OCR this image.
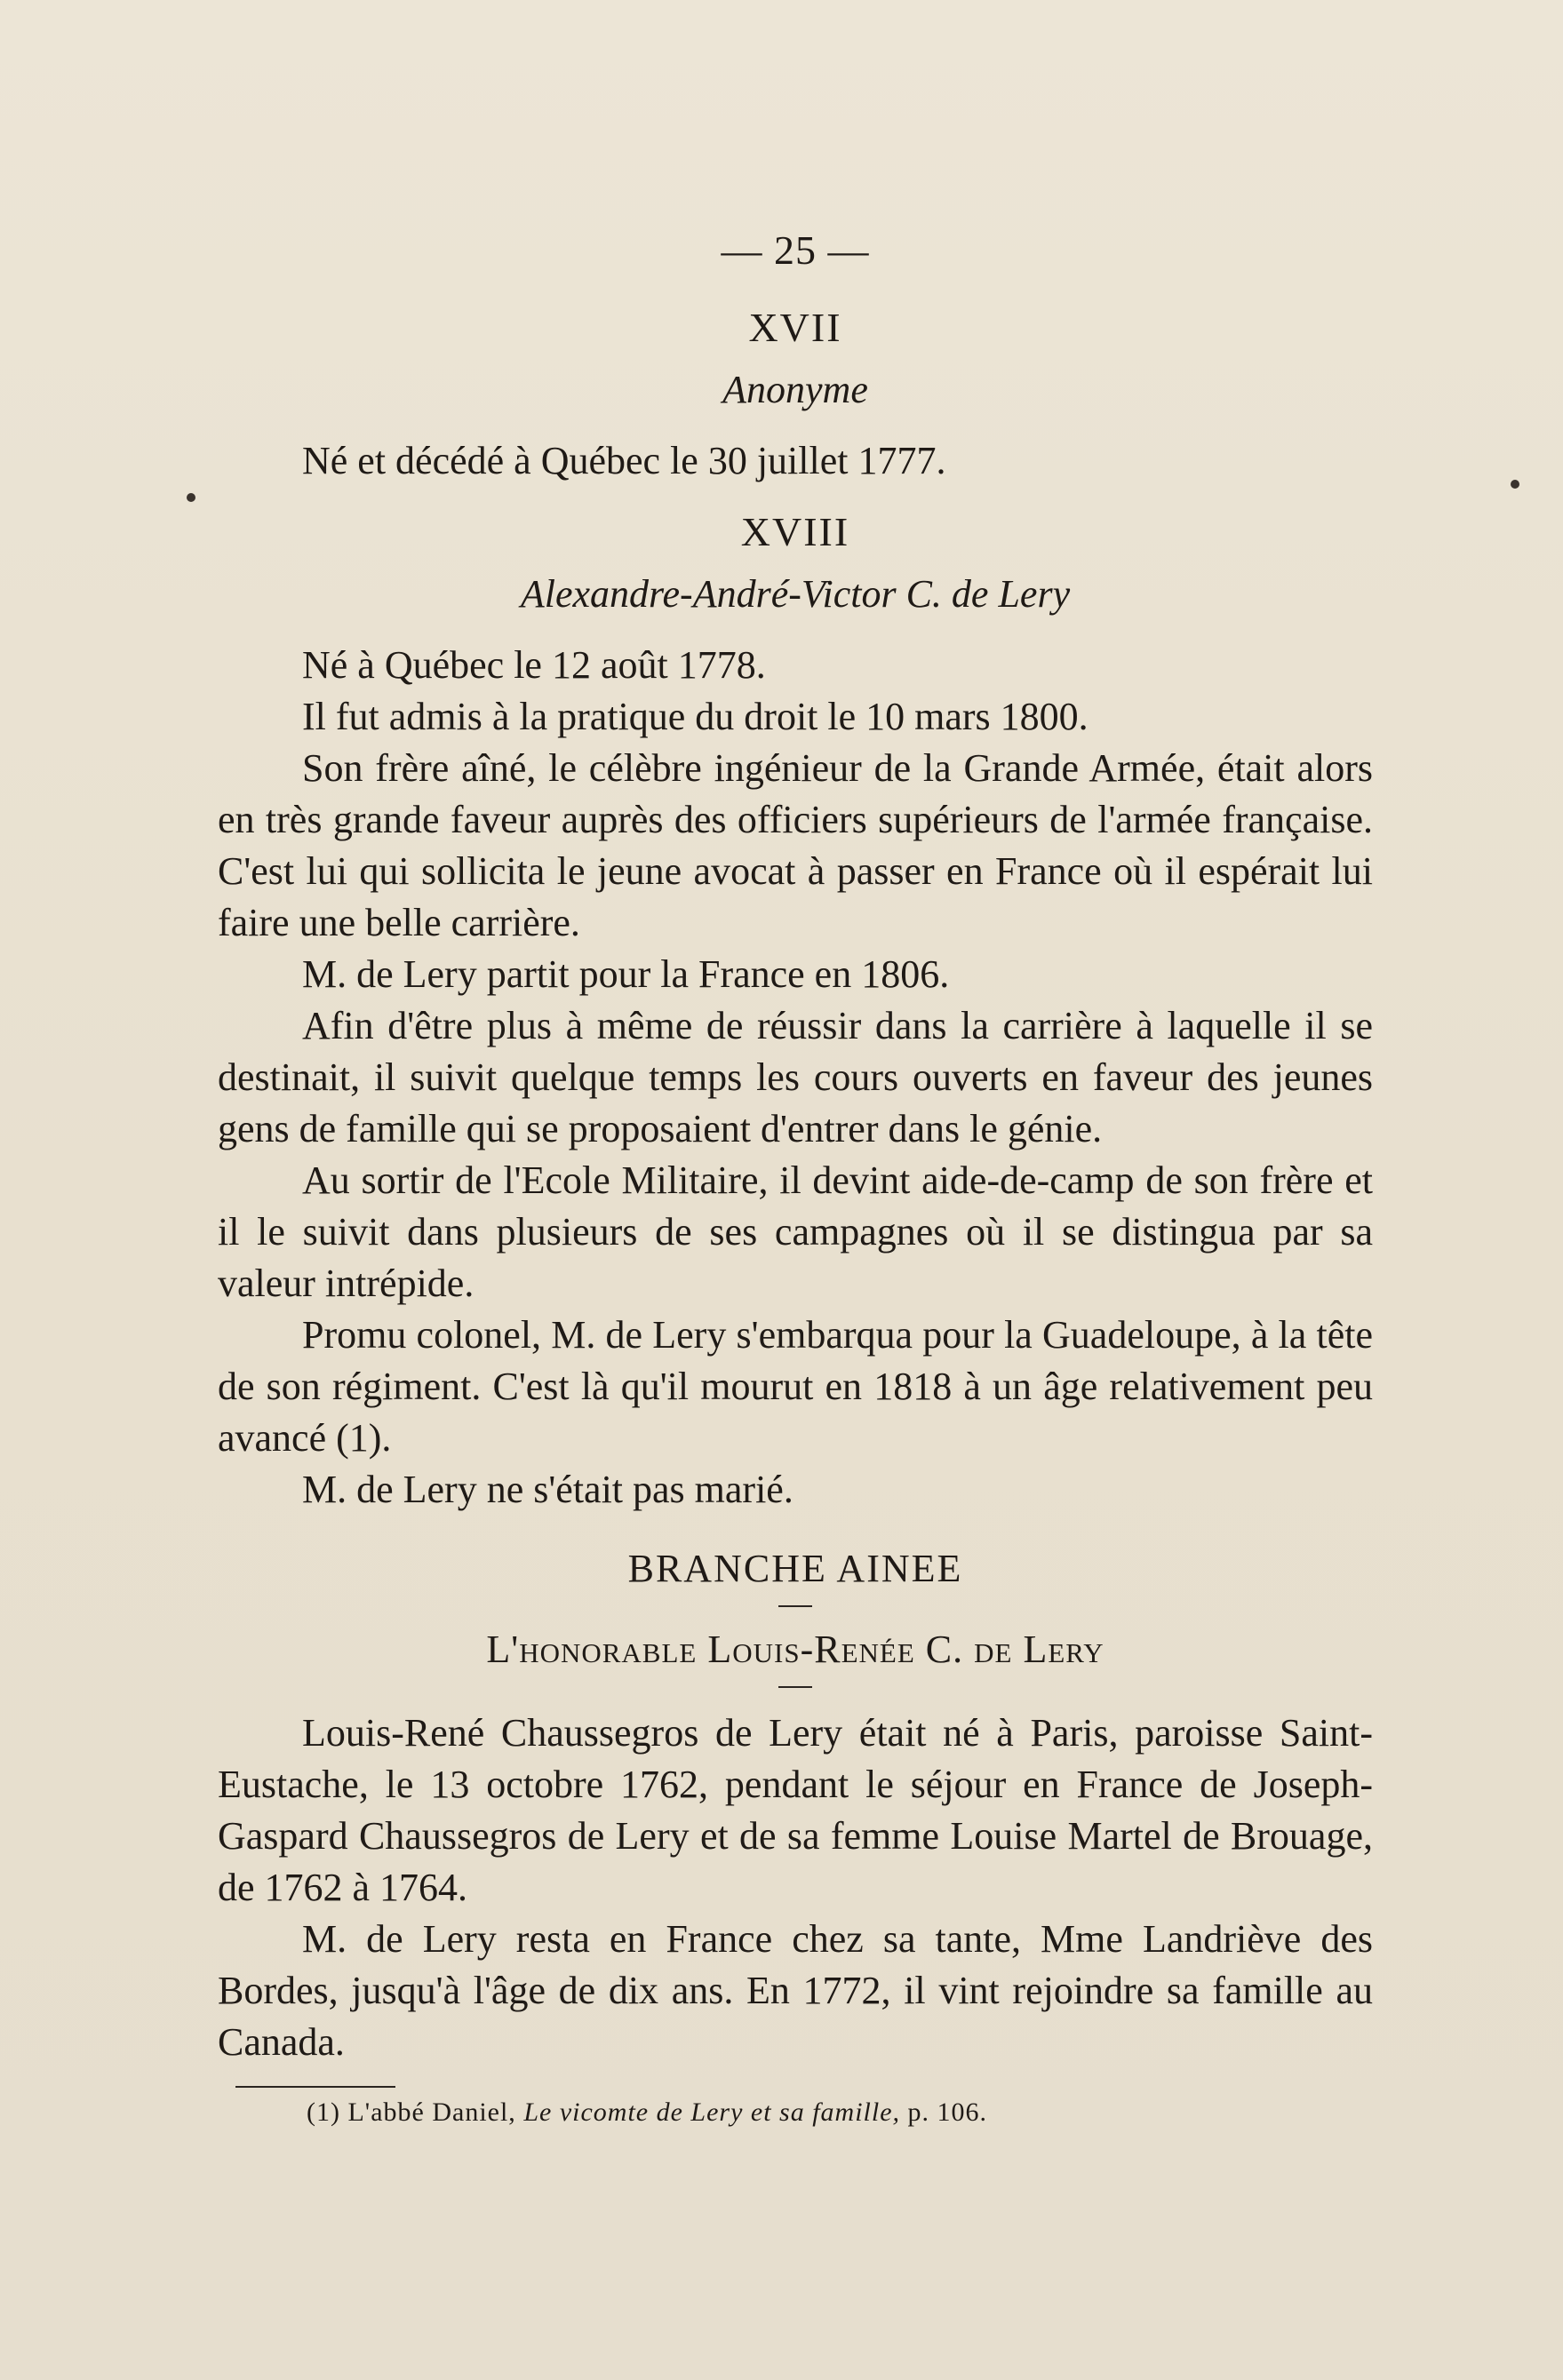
— 25 —
XVII
Anonyme

Né et décédé à Québec le 30 juillet 1777.

XVIII
Alexandre-André-Victor C. de Lery

Né à Québec le 12 août 1778.

Il fut admis à la pratique du droit le 10 mars 1800.

Son frère aîné, le célèbre ingénieur de la Grande Armée, était alors en très grande faveur auprès des officiers supérieurs de l'armée française. C'est lui qui sollicita le jeune avocat à passer en France où il espérait lui faire une belle carrière.

M. de Lery partit pour la France en 1806.

Afin d'être plus à même de réussir dans la carrière à laquelle il se destinait, il suivit quelque temps les cours ouverts en faveur des jeunes gens de famille qui se proposaient d'entrer dans le génie.

Au sortir de l'Ecole Militaire, il devint aide-de-camp de son frère et il le suivit dans plusieurs de ses campagnes où il se distingua par sa valeur intrépide.

Promu colonel, M. de Lery s'embarqua pour la Guadeloupe, à la tête de son régiment. C'est là qu'il mourut en 1818 à un âge relativement peu avancé (1).

M. de Lery ne s'était pas marié.

BRANCHE AINEE
L'honorable Louis-Renée C. de Lery

Louis-René Chaussegros de Lery était né à Paris, paroisse Saint-Eustache, le 13 octobre 1762, pendant le séjour en France de Joseph-Gaspard Chaussegros de Lery et de sa femme Louise Martel de Brouage, de 1762 à 1764.

M. de Lery resta en France chez sa tante, Mme Landriève des Bordes, jusqu'à l'âge de dix ans. En 1772, il vint rejoindre sa famille au Canada.

(1) L'abbé Daniel, Le vicomte de Lery et sa famille, p. 106.
